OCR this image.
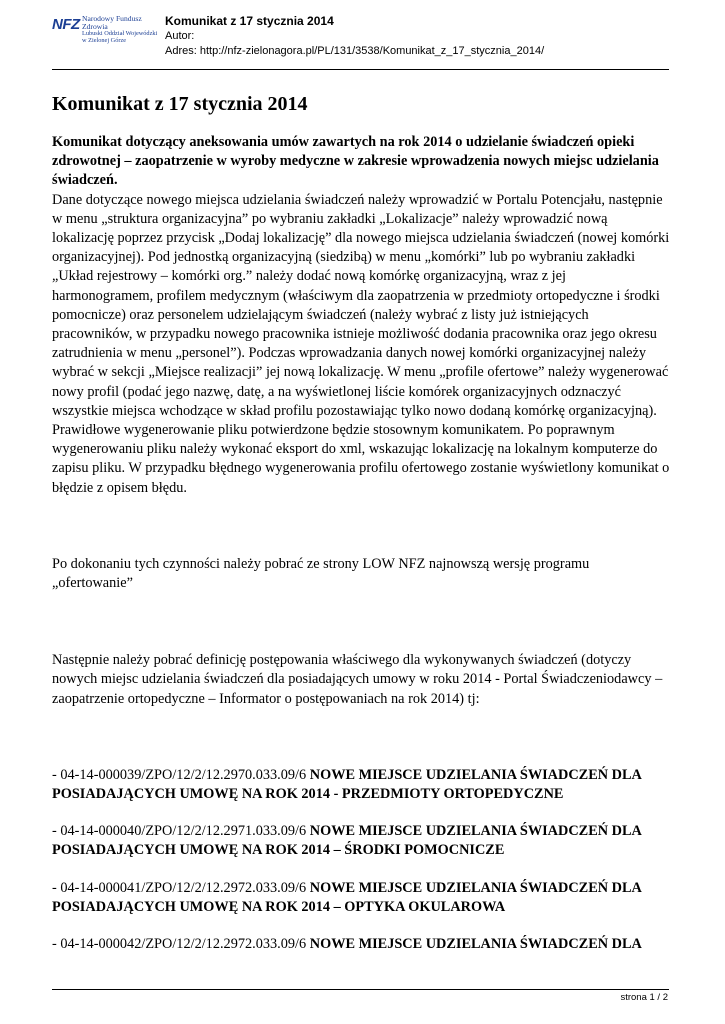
NFZ Narodowy Fundusz Zdrowia
Lubuski Oddział Wojewódzki w Zielonej Górze
Komunikat z 17 stycznia 2014
Autor:
Adres: http://nfz-zielonagora.pl/PL/131/3538/Komunikat_z_17_stycznia_2014/
Komunikat z 17 stycznia 2014

Komunikat dotyczący aneksowania umów zawartych na rok 2014 o udzielanie świadczeń opieki zdrowotnej – zaopatrzenie w wyroby medyczne w zakresie wprowadzenia nowych miejsc udzielania świadczeń.

Dane dotyczące nowego miejsca udzielania świadczeń należy wprowadzić w Portalu Potencjału, następnie w menu „struktura organizacyjna” po wybraniu zakładki „Lokalizacje” należy wprowadzić nową lokalizację poprzez przycisk „Dodaj lokalizację” dla nowego miejsca udzielania świadczeń (nowej komórki organizacyjnej). Pod jednostką organizacyjną (siedzibą) w menu „komórki” lub po wybraniu zakładki „Układ rejestrowy – komórki org.” należy dodać nową komórkę organizacyjną, wraz z jej harmonogramem, profilem medycznym (właściwym dla zaopatrzenia w przedmioty ortopedyczne i środki pomocnicze) oraz personelem udzielającym świadczeń (należy wybrać z listy już istniejących pracowników, w przypadku nowego pracownika istnieje możliwość dodania pracownika oraz jego okresu zatrudnienia w menu „personel”). Podczas wprowadzania danych nowej komórki organizacyjnej należy wybrać w sekcji „Miejsce realizacji” jej nową lokalizację. W menu „profile ofertowe” należy wygenerować nowy profil (podać jego nazwę, datę, a na wyświetlonej liście komórek organizacyjnych odznaczyć wszystkie miejsca wchodzące w skład profilu pozostawiając tylko nowo dodaną komórkę organizacyjną). Prawidłowe wygenerowanie pliku potwierdzone będzie stosownym komunikatem. Po poprawnym wygenerowaniu pliku należy wykonać eksport do xml, wskazując lokalizację na lokalnym komputerze do zapisu pliku. W przypadku błędnego wygenerowania profilu ofertowego zostanie wyświetlony komunikat o błędzie z opisem błędu.

Po dokonaniu tych czynności należy pobrać ze strony LOW NFZ najnowszą wersję programu „ofertowanie”

Następnie należy pobrać definicję postępowania właściwego dla wykonywanych świadczeń (dotyczy nowych miejsc udzielania świadczeń dla posiadających umowy w roku 2014 - Portal Świadczeniodawcy – zaopatrzenie ortopedyczne – Informator o postępowaniach na rok 2014) tj:

- 04-14-000039/ZPO/12/2/12.2970.033.09/6 NOWE MIEJSCE UDZIELANIA ŚWIADCZEŃ DLA POSIADAJĄCYCH UMOWĘ NA ROK 2014 - PRZEDMIOTY ORTOPEDYCZNE

- 04-14-000040/ZPO/12/2/12.2971.033.09/6 NOWE MIEJSCE UDZIELANIA ŚWIADCZEŃ DLA POSIADAJĄCYCH UMOWĘ NA ROK 2014 – ŚRODKI POMOCNICZE

- 04-14-000041/ZPO/12/2/12.2972.033.09/6 NOWE MIEJSCE UDZIELANIA ŚWIADCZEŃ DLA POSIADAJĄCYCH UMOWĘ NA ROK 2014 – OPTYKA OKULAROWA

- 04-14-000042/ZPO/12/2/12.2972.033.09/6 NOWE MIEJSCE UDZIELANIA ŚWIADCZEŃ DLA

strona 1 / 2
